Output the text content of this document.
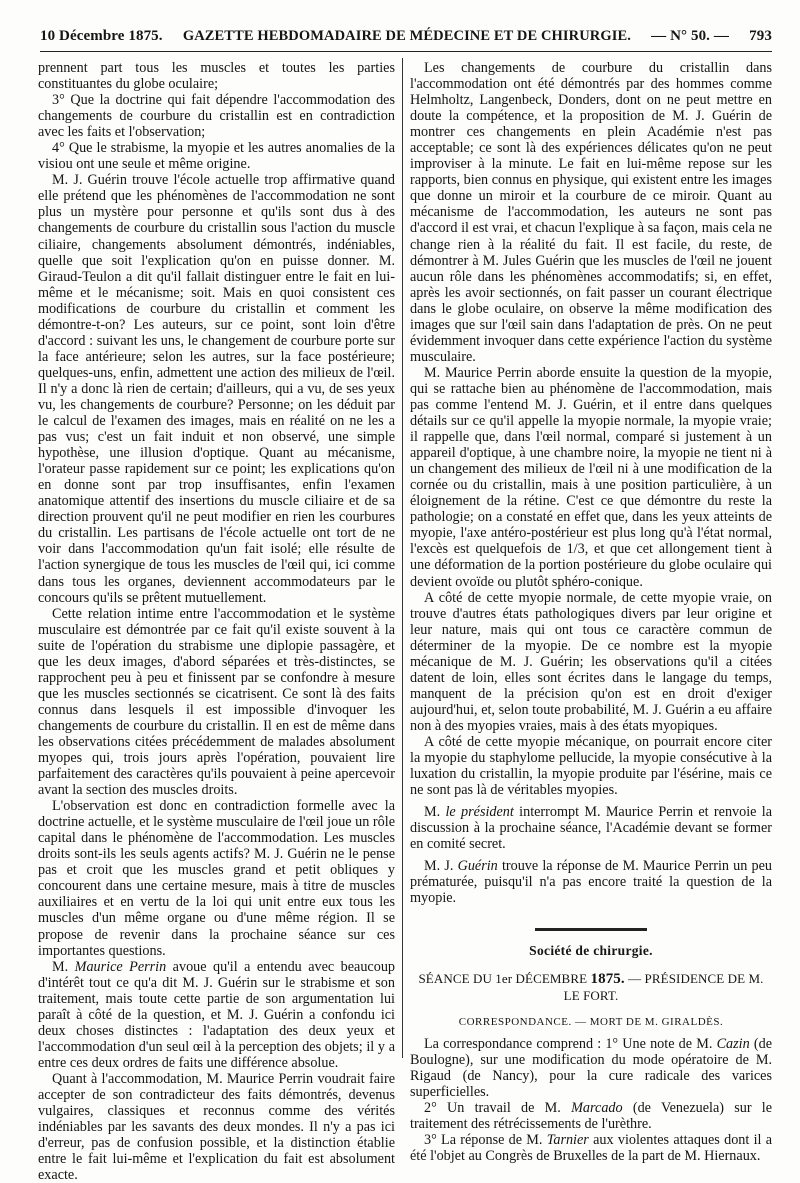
10 Décembre 1875. GAZETTE HEBDOMADAIRE DE MÉDECINE ET DE CHIRURGIE. — N° 50. — 793

prennent part tous les muscles et toutes les parties constituantes du globe oculaire;

3° Que la doctrine qui fait dépendre l'accommodation des changements de courbure du cristallin est en contradiction avec les faits et l'observation;

4° Que le strabisme, la myopie et les autres anomalies de la visiou ont une seule et même origine.

M. J. Guérin trouve l'école actuelle trop affirmative quand elle prétend que les phénomènes de l'accommodation ne sont plus un mystère pour personne et qu'ils sont dus à des changements de courbure du cristallin sous l'action du muscle ciliaire, changements absolument démontrés, indéniables, quelle que soit l'explication qu'on en puisse donner. M. Giraud-Teulon a dit qu'il fallait distinguer entre le fait en lui-même et le mécanisme; soit. Mais en quoi consistent ces modifications de courbure du cristallin et comment les démontre-t-on? Les auteurs, sur ce point, sont loin d'être d'accord : suivant les uns, le changement de courbure porte sur la face antérieure; selon les autres, sur la face postérieure; quelques-uns, enfin, admettent une action des milieux de l'œil. Il n'y a donc là rien de certain; d'ailleurs, qui a vu, de ses yeux vu, les changements de courbure? Personne; on les déduit par le calcul de l'examen des images, mais en réalité on ne les a pas vus; c'est un fait induit et non observé, une simple hypothèse, une illusion d'optique. Quant au mécanisme, l'orateur passe rapidement sur ce point; les explications qu'on en donne sont par trop insuffisantes, enfin l'examen anatomique attentif des insertions du muscle ciliaire et de sa direction prouvent qu'il ne peut modifier en rien les courbures du cristallin. Les partisans de l'école actuelle ont tort de ne voir dans l'accommodation qu'un fait isolé; elle résulte de l'action synergique de tous les muscles de l'œil qui, ici comme dans tous les organes, deviennent accommodateurs par le concours qu'ils se prêtent mutuellement.

Cette relation intime entre l'accommodation et le système musculaire est démontrée par ce fait qu'il existe souvent à la suite de l'opération du strabisme une diplopie passagère, et que les deux images, d'abord séparées et très-distinctes, se rapprochent peu à peu et finissent par se confondre à mesure que les muscles sectionnés se cicatrisent. Ce sont là des faits connus dans lesquels il est impossible d'invoquer les changements de courbure du cristallin. Il en est de même dans les observations citées précédemment de malades absolument myopes qui, trois jours après l'opération, pouvaient lire parfaitement des caractères qu'ils pouvaient à peine apercevoir avant la section des muscles droits.

L'observation est donc en contradiction formelle avec la doctrine actuelle, et le système musculaire de l'œil joue un rôle capital dans le phénomène de l'accommodation. Les muscles droits sont-ils les seuls agents actifs? M. J. Guérin ne le pense pas et croit que les muscles grand et petit obliques y concourent dans une certaine mesure, mais à titre de muscles auxiliaires et en vertu de la loi qui unit entre eux tous les muscles d'un même organe ou d'une même région. Il se propose de revenir dans la prochaine séance sur ces importantes questions.

M. Maurice Perrin avoue qu'il a entendu avec beaucoup d'intérêt tout ce qu'a dit M. J. Guérin sur le strabisme et son traitement, mais toute cette partie de son argumentation lui paraît à côté de la question, et M. J. Guérin a confondu ici deux choses distinctes : l'adaptation des deux yeux et l'accommodation d'un seul œil à la perception des objets; il y a entre ces deux ordres de faits une différence absolue.

Quant à l'accommodation, M. Maurice Perrin voudrait faire accepter de son contradicteur des faits démontrés, devenus vulgaires, classiques et reconnus comme des vérités indéniables par les savants des deux mondes. Il n'y a pas ici d'erreur, pas de confusion possible, et la distinction établie entre le fait lui-même et l'explication du fait est absolument exacte.

Les changements de courbure du cristallin dans l'accommodation ont été démontrés par des hommes comme Helmholtz, Langenbeck, Donders, dont on ne peut mettre en doute la compétence, et la proposition de M. J. Guérin de montrer ces changements en plein Académie n'est pas acceptable; ce sont là des expériences délicates qu'on ne peut improviser à la minute. Le fait en lui-même repose sur les rapports, bien connus en physique, qui existent entre les images que donne un miroir et la courbure de ce miroir. Quant au mécanisme de l'accommodation, les auteurs ne sont pas d'accord il est vrai, et chacun l'explique à sa façon, mais cela ne change rien à la réalité du fait. Il est facile, du reste, de démontrer à M. Jules Guérin que les muscles de l'œil ne jouent aucun rôle dans les phénomènes accommodatifs; si, en effet, après les avoir sectionnés, on fait passer un courant électrique dans le globe oculaire, on observe la même modification des images que sur l'œil sain dans l'adaptation de près. On ne peut évidemment invoquer dans cette expérience l'action du système musculaire.

M. Maurice Perrin aborde ensuite la question de la myopie, qui se rattache bien au phénomène de l'accommodation, mais pas comme l'entend M. J. Guérin, et il entre dans quelques détails sur ce qu'il appelle la myopie normale, la myopie vraie; il rappelle que, dans l'œil normal, comparé si justement à un appareil d'optique, à une chambre noire, la myopie ne tient ni à un changement des milieux de l'œil ni à une modification de la cornée ou du cristallin, mais à une position particulière, à un éloignement de la rétine. C'est ce que démontre du reste la pathologie; on a constaté en effet que, dans les yeux atteints de myopie, l'axe antéro-postérieur est plus long qu'à l'état normal, l'excès est quelquefois de 1/3, et que cet allongement tient à une déformation de la portion postérieure du globe oculaire qui devient ovoïde ou plutôt sphéro-conique.

A côté de cette myopie normale, de cette myopie vraie, on trouve d'autres états pathologiques divers par leur origine et leur nature, mais qui ont tous ce caractère commun de déterminer de la myopie. De ce nombre est la myopie mécanique de M. J. Guérin; les observations qu'il a citées datent de loin, elles sont écrites dans le langage du temps, manquent de la précision qu'on est en droit d'exiger aujourd'hui, et, selon toute probabilité, M. J. Guérin a eu affaire non à des myopies vraies, mais à des états myopiques.

A côté de cette myopie mécanique, on pourrait encore citer la myopie du staphylome pellucide, la myopie consécutive à la luxation du cristallin, la myopie produite par l'ésérine, mais ce ne sont pas là de véritables myopies.

M. le président interrompt M. Maurice Perrin et renvoie la discussion à la prochaine séance, l'Académie devant se former en comité secret.

M. J. Guérin trouve la réponse de M. Maurice Perrin un peu prématurée, puisqu'il n'a pas encore traité la question de la myopie.

Société de chirurgie.
SÉANCE DU 1er DÉCEMBRE 1875. — PRÉSIDENCE DE M. LE FORT.
CORRESPONDANCE. — MORT DE M. GIRALDÈS.

La correspondance comprend : 1° Une note de M. Cazin (de Boulogne), sur une modification du mode opératoire de M. Rigaud (de Nancy), pour la cure radicale des varices superficielles.

2° Un travail de M. Marcado (de Venezuela) sur le traitement des rétrécissements de l'urèthre.

3° La réponse de M. Tarnier aux violentes attaques dont il a été l'objet au Congrès de Bruxelles de la part de M. Hiernaux.
